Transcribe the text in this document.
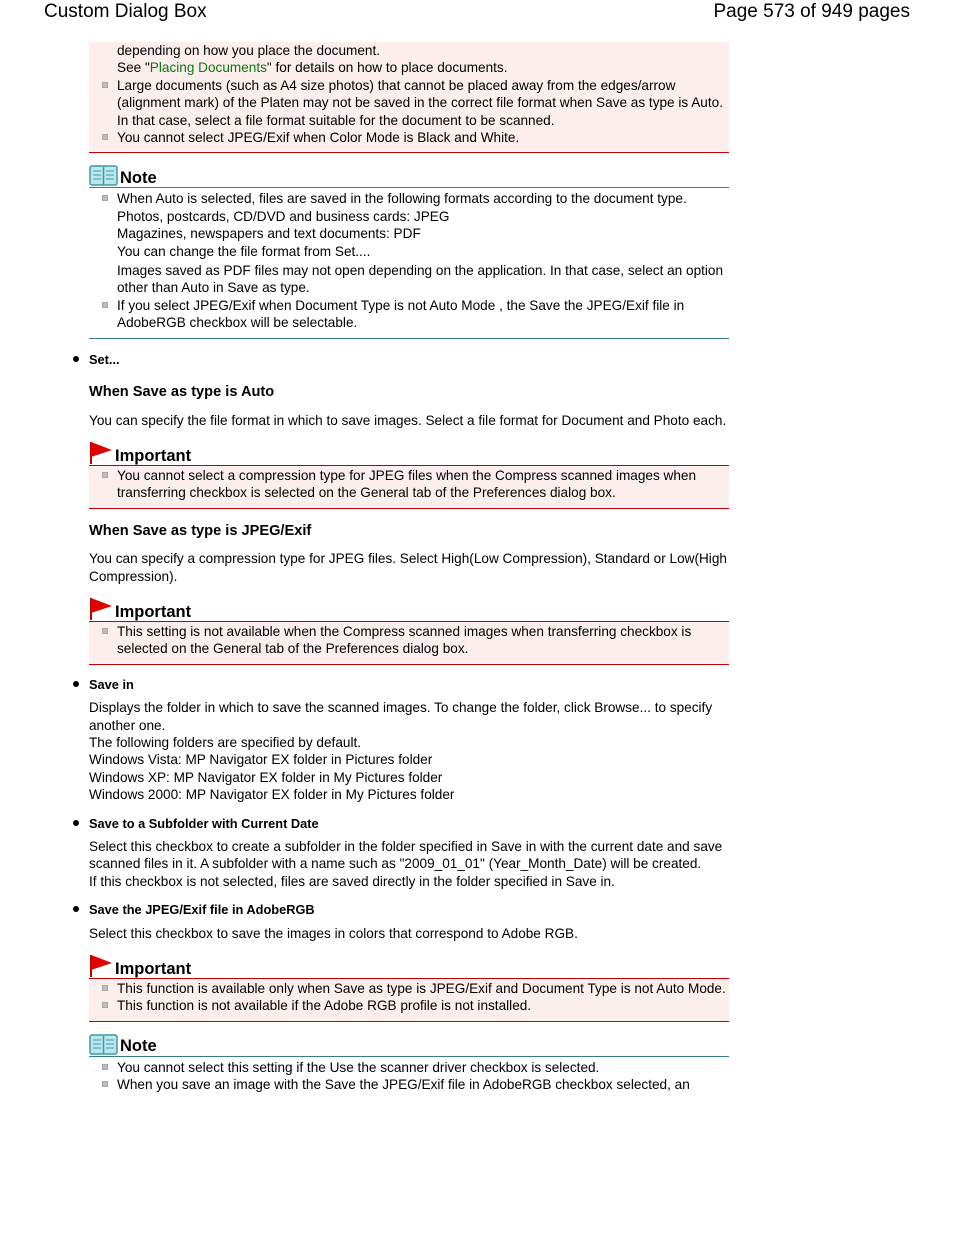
Custom Dialog Box	Page 573 of 949 pages
depending on how you place the document.
See "Placing Documents" for details on how to place documents.
Large documents (such as A4 size photos) that cannot be placed away from the edges/arrow (alignment mark) of the Platen may not be saved in the correct file format when Save as type is Auto. In that case, select a file format suitable for the document to be scanned.
You cannot select JPEG/Exif when Color Mode is Black and White.
Note
When Auto is selected, files are saved in the following formats according to the document type.
Photos, postcards, CD/DVD and business cards: JPEG
Magazines, newspapers and text documents: PDF
You can change the file format from Set....
Images saved as PDF files may not open depending on the application. In that case, select an option other than Auto in Save as type.
If you select JPEG/Exif when Document Type is not Auto Mode , the Save the JPEG/Exif file in AdobeRGB checkbox will be selectable.
Set...
When Save as type is Auto

You can specify the file format in which to save images. Select a file format for Document and Photo each.

Important
You cannot select a compression type for JPEG files when the Compress scanned images when transferring checkbox is selected on the General tab of the Preferences dialog box.
When Save as type is JPEG/Exif

You can specify a compression type for JPEG files. Select High(Low Compression), Standard or Low(High Compression).

Important
This setting is not available when the Compress scanned images when transferring checkbox is selected on the General tab of the Preferences dialog box.
Save in

Displays the folder in which to save the scanned images. To change the folder, click Browse... to specify another one.

The following folders are specified by default.

Windows Vista: MP Navigator EX folder in Pictures folder

Windows XP: MP Navigator EX folder in My Pictures folder

Windows 2000: MP Navigator EX folder in My Pictures folder

Save to a Subfolder with Current Date

Select this checkbox to create a subfolder in the folder specified in Save in with the current date and save scanned files in it. A subfolder with a name such as "2009_01_01" (Year_Month_Date) will be created.

If this checkbox is not selected, files are saved directly in the folder specified in Save in.

Save the JPEG/Exif file in AdobeRGB

Select this checkbox to save the images in colors that correspond to Adobe RGB.

Important
This function is available only when Save as type is JPEG/Exif and Document Type is not Auto Mode.
This function is not available if the Adobe RGB profile is not installed.
Note
You cannot select this setting if the Use the scanner driver checkbox is selected.
When you save an image with the Save the JPEG/Exif file in AdobeRGB checkbox selected, an
